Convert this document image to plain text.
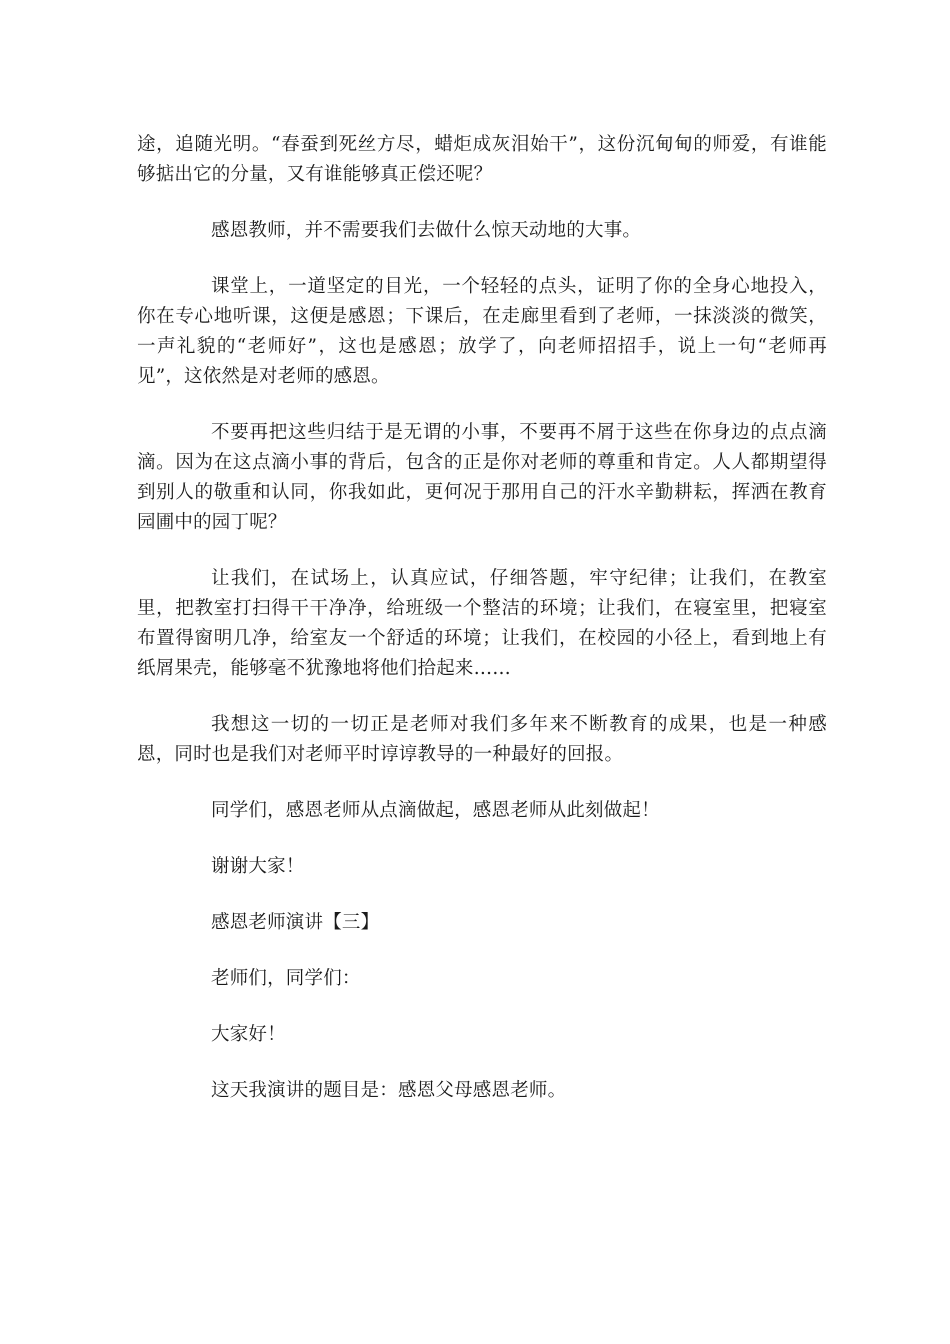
途，追随光明。“春蚕到死丝方尽，蜡炬成灰泪始干”，这份沉甸甸的师爱，有谁能够掂出它的分量，又有谁能够真正偿还呢？

感恩教师，并不需要我们去做什么惊天动地的大事。

课堂上，一道坚定的目光，一个轻轻的点头，证明了你的全身心地投入，你在专心地听课，这便是感恩；下课后，在走廊里看到了老师，一抹淡淡的微笑，一声礼貌的“老师好”，这也是感恩；放学了，向老师招招手，说上一句“老师再见”，这依然是对老师的感恩。

不要再把这些归结于是无谓的小事，不要再不屑于这些在你身边的点点滴滴。因为在这点滴小事的背后，包含的正是你对老师的尊重和肯定。人人都期望得到别人的敬重和认同，你我如此，更何况于那用自己的汗水辛勤耕耘，挥洒在教育园圃中的园丁呢？

让我们，在试场上，认真应试，仔细答题，牢守纪律；让我们，在教室里，把教室打扫得干干净净，给班级一个整洁的环境；让我们，在寝室里，把寝室布置得窗明几净，给室友一个舒适的环境；让我们，在校园的小径上，看到地上有纸屑果壳，能够毫不犹豫地将他们拾起来……

我想这一切的一切正是老师对我们多年来不断教育的成果，也是一种感恩，同时也是我们对老师平时谆谆教导的一种最好的回报。

同学们，感恩老师从点滴做起，感恩老师从此刻做起！

谢谢大家！

感恩老师演讲【三】

老师们，同学们：

大家好！

这天我演讲的题目是：感恩父母感恩老师。
